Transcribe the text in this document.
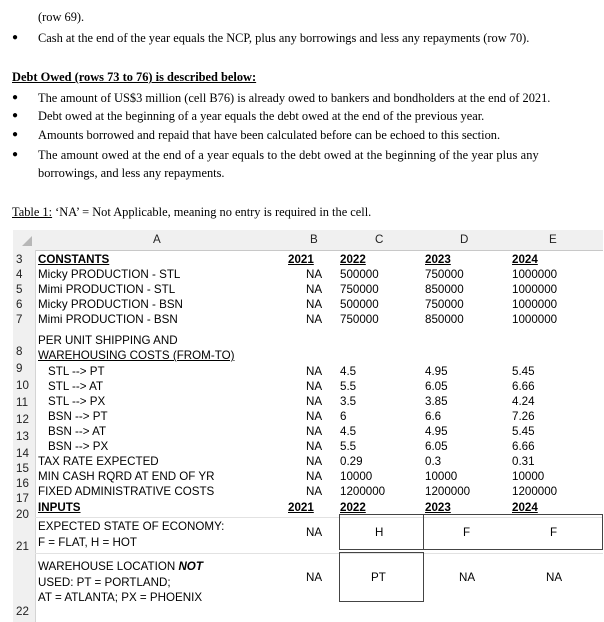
(row 69).
● Cash at the end of the year equals the NCP, plus any borrowings and less any repayments (row 70).
Debt Owed (rows 73 to 76) is described below:
● The amount of US$3 million (cell B76) is already owed to bankers and bondholders at the end of 2021.
● Debt owed at the beginning of a year equals the debt owed at the end of the previous year.
● Amounts borrowed and repaid that have been calculated before can be echoed to this section.
● The amount owed at the end of a year equals to the debt owed at the beginning of the year plus any
borrowings, and less any repayments.
Table 1: ‘NA’ = Not Applicable, meaning no entry is required in the cell.
A	B	C	D	E
3
4
5
6
7
8
9
10
11
12
13
14
15
16
17
20
21
22
CONSTANTS	2021 2022	2023	2024
Micky PRODUCTION - STL	NA 500000	750000	1000000
Mimi PRODUCTION - STL	NA 750000	850000	1000000
Micky PRODUCTION - BSN	NA 500000	750000	1000000
Mimi PRODUCTION - BSN	NA 750000	850000	1000000
PER UNIT SHIPPING AND
WAREHOUSING COSTS (FROM-TO)
STL --> PT	NA 4.5	4.95	5.45
STL --> AT	NA 5.5	6.05	6.66
STL --> PX	NA 3.5	3.85	4.24
BSN --> PT	NA 6	6.6	7.26
BSN --> AT	NA 4.5	4.95	5.45
BSN --> PX	NA 5.5	6.05	6.66
TAX RATE EXPECTED	NA 0.29	0.3	0.31
MIN CASH RQRD AT END OF YR	NA 10000	10000	10000
FIXED ADMINISTRATIVE COSTS	NA 1200000	1200000	1200000
INPUTS	2021 2022	2023	2024
EXPECTED STATE OF ECONOMY:
F = FLAT, H = HOT
NA	H	F	F
WAREHOUSE LOCATION NOT
USED: PT = PORTLAND;
AT = ATLANTA; PX = PHOENIX
NA	PT	NA	NA
